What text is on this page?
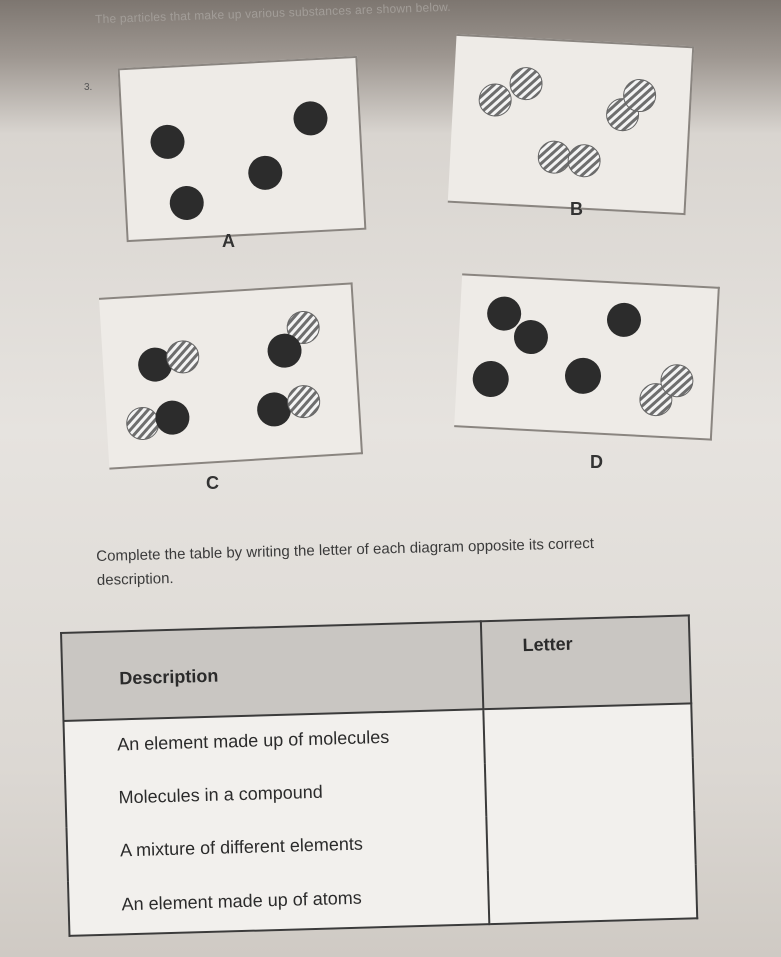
The particles that make up various substances are shown below.
3.
A
B
C
D
Complete the table by writing the letter of each diagram opposite its correct description.
Description	Letter
An element made up of molecules	
Molecules in a compound	
A mixture of different elements	
An element made up of atoms	
